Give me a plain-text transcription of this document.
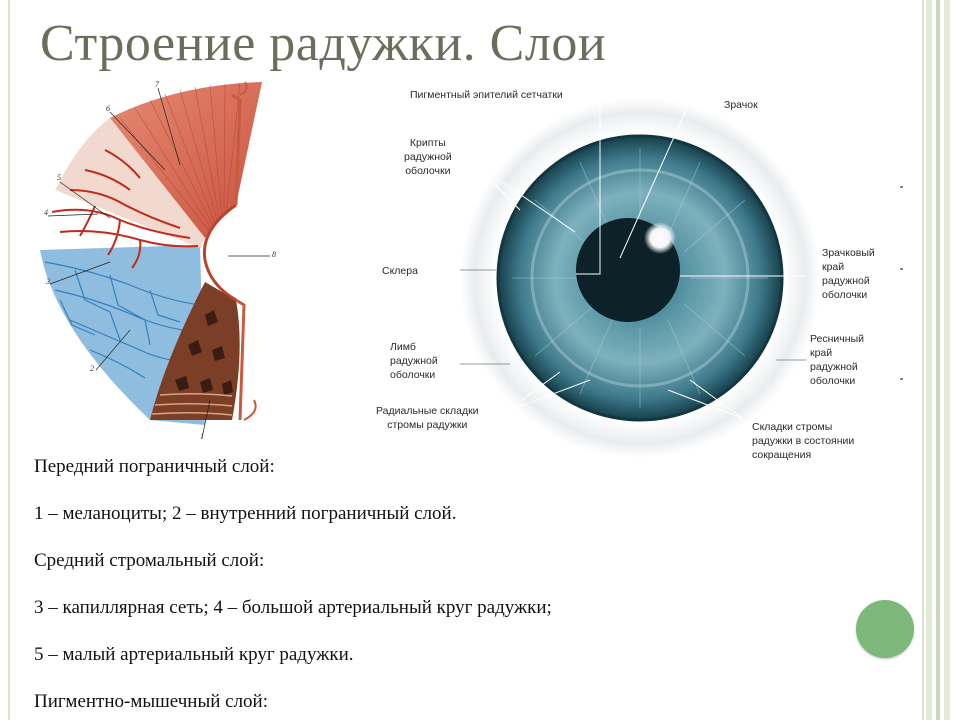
Строение радужки. Слои
7
6
5
4
3
2
8
1
Пигментный эпителий сетчатки
Зрачок
Крипты
радужной
оболочки
Склера
Зрачковый
край
радужной
оболочки
Лимб
радужной
оболочки
Ресничный
край
радужной
оболочки
Радиальные складки
стромы радужки	Складки стромы
радужки в состоянии
сокращения
Передний пограничный слой:
1 – меланоциты; 2 – внутренний пограничный слой.
Средний стромальный слой:
3 – капиллярная сеть; 4 – большой артериальный круг радужки;
5 – малый артериальный круг радужки.
Пигментно-мышечный слой:
